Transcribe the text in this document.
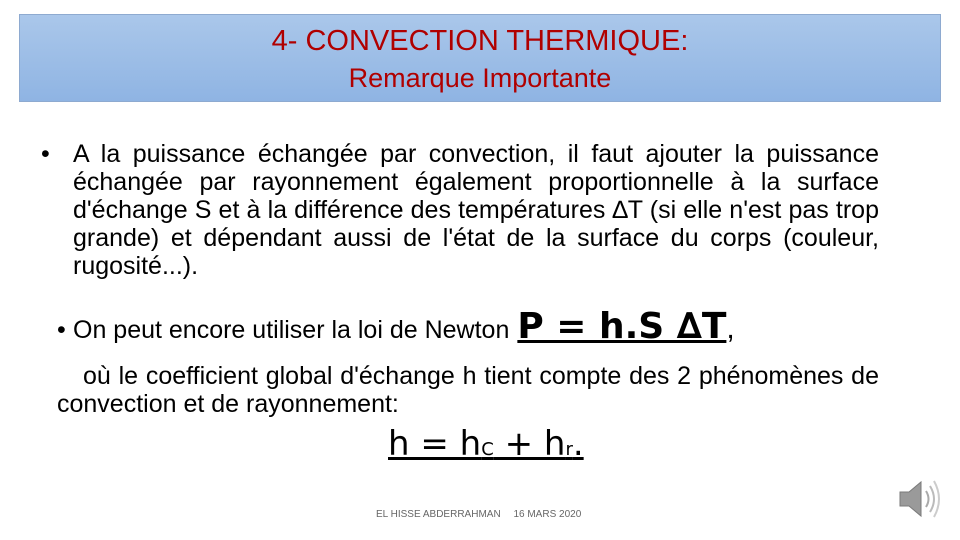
4- CONVECTION THERMIQUE:
Remarque Importante
• A la puissance échangée par convection, il faut ajouter la puissance échangée par rayonnement également proportionnelle à la surface d'échange S et à la différence des températures ∆T (si elle n'est pas trop grande) et dépendant aussi de l'état de la surface du corps (couleur, rugosité...).
• On peut encore utiliser la loi de Newton P = h.S ∆T,
où le coefficient global d'échange h tient compte des 2 phénomènes de convection et de rayonnement:
h = hC + hr.
EL HISSE ABDERRAHMAN 16 MARS 2020
